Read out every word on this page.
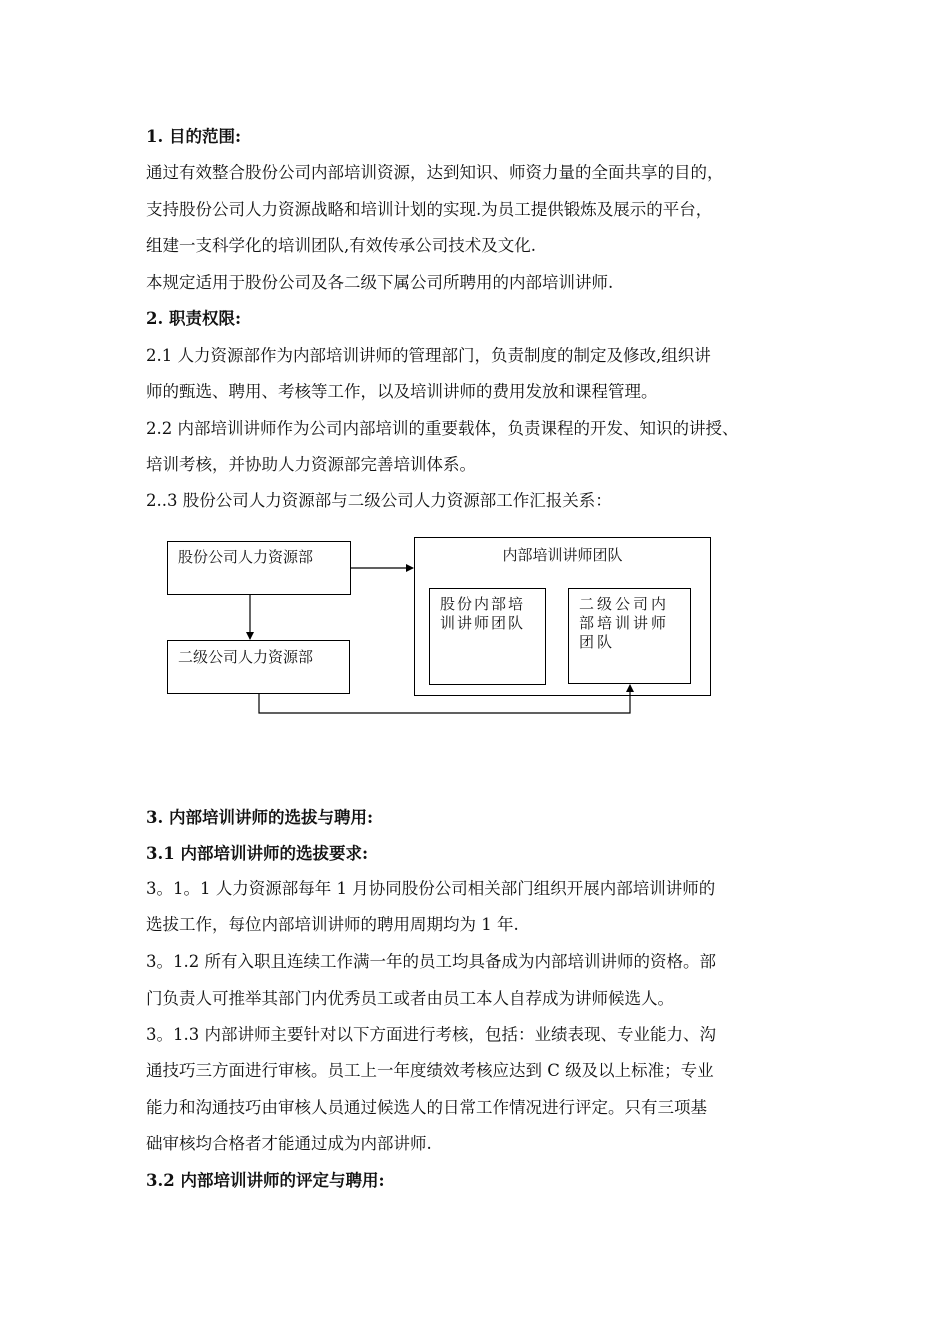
1. 目的范围:
通过有效整合股份公司内部培训资源，达到知识、师资力量的全面共享的目的，
支持股份公司人力资源战略和培训计划的实现.为员工提供锻炼及展示的平台，
组建一支科学化的培训团队,有效传承公司技术及文化.
本规定适用于股份公司及各二级下属公司所聘用的内部培训讲师.
2. 职责权限:
2.1 人力资源部作为内部培训讲师的管理部门，负责制度的制定及修改,组织讲
师的甄选、聘用、考核等工作，以及培训讲师的费用发放和课程管理。
2.2 内部培训讲师作为公司内部培训的重要载体，负责课程的开发、知识的讲授、
培训考核，并协助人力资源部完善培训体系。
2..3 股份公司人力资源部与二级公司人力资源部工作汇报关系：
股份公司人力资源部
二级公司人力资源部
内部培训讲师团队
股份内部培
训讲师团队
二级公司内
部培训讲师
团队
3. 内部培训讲师的选拔与聘用:
3.1 内部培训讲师的选拔要求:
3。1。1 人力资源部每年 1 月协同股份公司相关部门组织开展内部培训讲师的
选拔工作，每位内部培训讲师的聘用周期均为 1 年.
3。1.2 所有入职且连续工作满一年的员工均具备成为内部培训讲师的资格。部
门负责人可推举其部门内优秀员工或者由员工本人自荐成为讲师候选人。
3。1.3 内部讲师主要针对以下方面进行考核，包括：业绩表现、专业能力、沟
通技巧三方面进行审核。员工上一年度绩效考核应达到 C 级及以上标准；专业
能力和沟通技巧由审核人员通过候选人的日常工作情况进行评定。只有三项基
础审核均合格者才能通过成为内部讲师.
3.2 内部培训讲师的评定与聘用:
